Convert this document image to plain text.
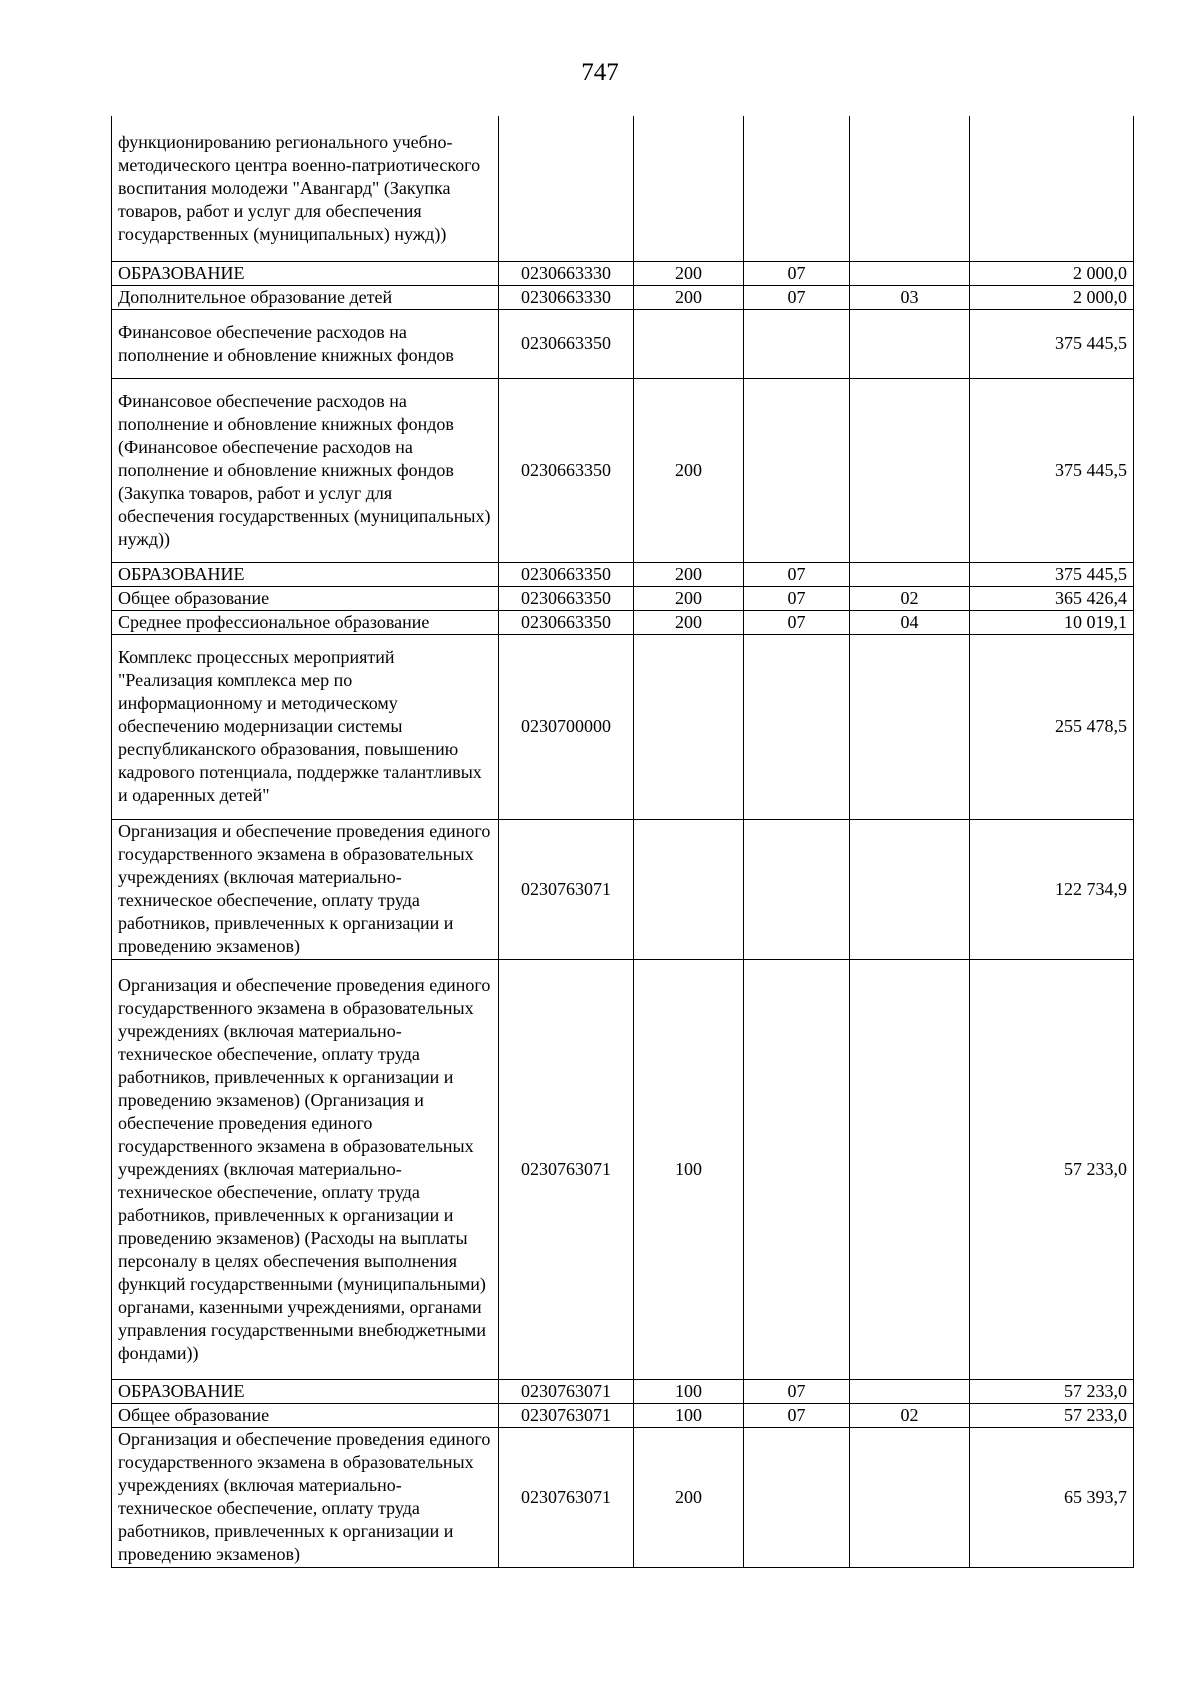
747
функционированию регионального учебно-методического центра военно-патриотического воспитания молодежи "Авангард" (Закупка товаров, работ и услуг для обеспечения государственных (муниципальных) нужд))					
ОБРАЗОВАНИЕ	0230663330	200	07		2 000,0
Дополнительное образование детей	0230663330	200	07	03	2 000,0
Финансовое обеспечение расходов на пополнение и обновление книжных фондов	0230663350				375 445,5
Финансовое обеспечение расходов на пополнение и обновление книжных фондов (Финансовое обеспечение расходов на пополнение и обновление книжных фондов (Закупка товаров, работ и услуг для обеспечения государственных (муниципальных) нужд))	0230663350	200			375 445,5
ОБРАЗОВАНИЕ	0230663350	200	07		375 445,5
Общее образование	0230663350	200	07	02	365 426,4
Среднее профессиональное образование	0230663350	200	07	04	10 019,1
Комплекс процессных мероприятий "Реализация комплекса мер по информационному и методическому обеспечению модернизации системы республиканского образования, повышению кадрового потенциала, поддержке талантливых и одаренных детей"	0230700000				255 478,5
Организация и обеспечение проведения единого государственного экзамена в образовательных учреждениях (включая материально-техническое обеспечение, оплату труда работников, привлеченных к организации и проведению экзаменов)	0230763071				122 734,9
Организация и обеспечение проведения единого государственного экзамена в образовательных учреждениях (включая материально-техническое обеспечение, оплату труда работников, привлеченных к организации и проведению экзаменов) (Организация и обеспечение проведения единого государственного экзамена в образовательных учреждениях (включая материально-техническое обеспечение, оплату труда работников, привлеченных к организации и проведению экзаменов) (Расходы на выплаты персоналу в целях обеспечения выполнения функций государственными (муниципальными) органами, казенными учреждениями, органами управления государственными внебюджетными фондами))	0230763071	100			57 233,0
ОБРАЗОВАНИЕ	0230763071	100	07		57 233,0
Общее образование	0230763071	100	07	02	57 233,0
Организация и обеспечение проведения единого государственного экзамена в образовательных учреждениях (включая материально-техническое обеспечение, оплату труда работников, привлеченных к организации и проведению экзаменов)	0230763071	200			65 393,7
